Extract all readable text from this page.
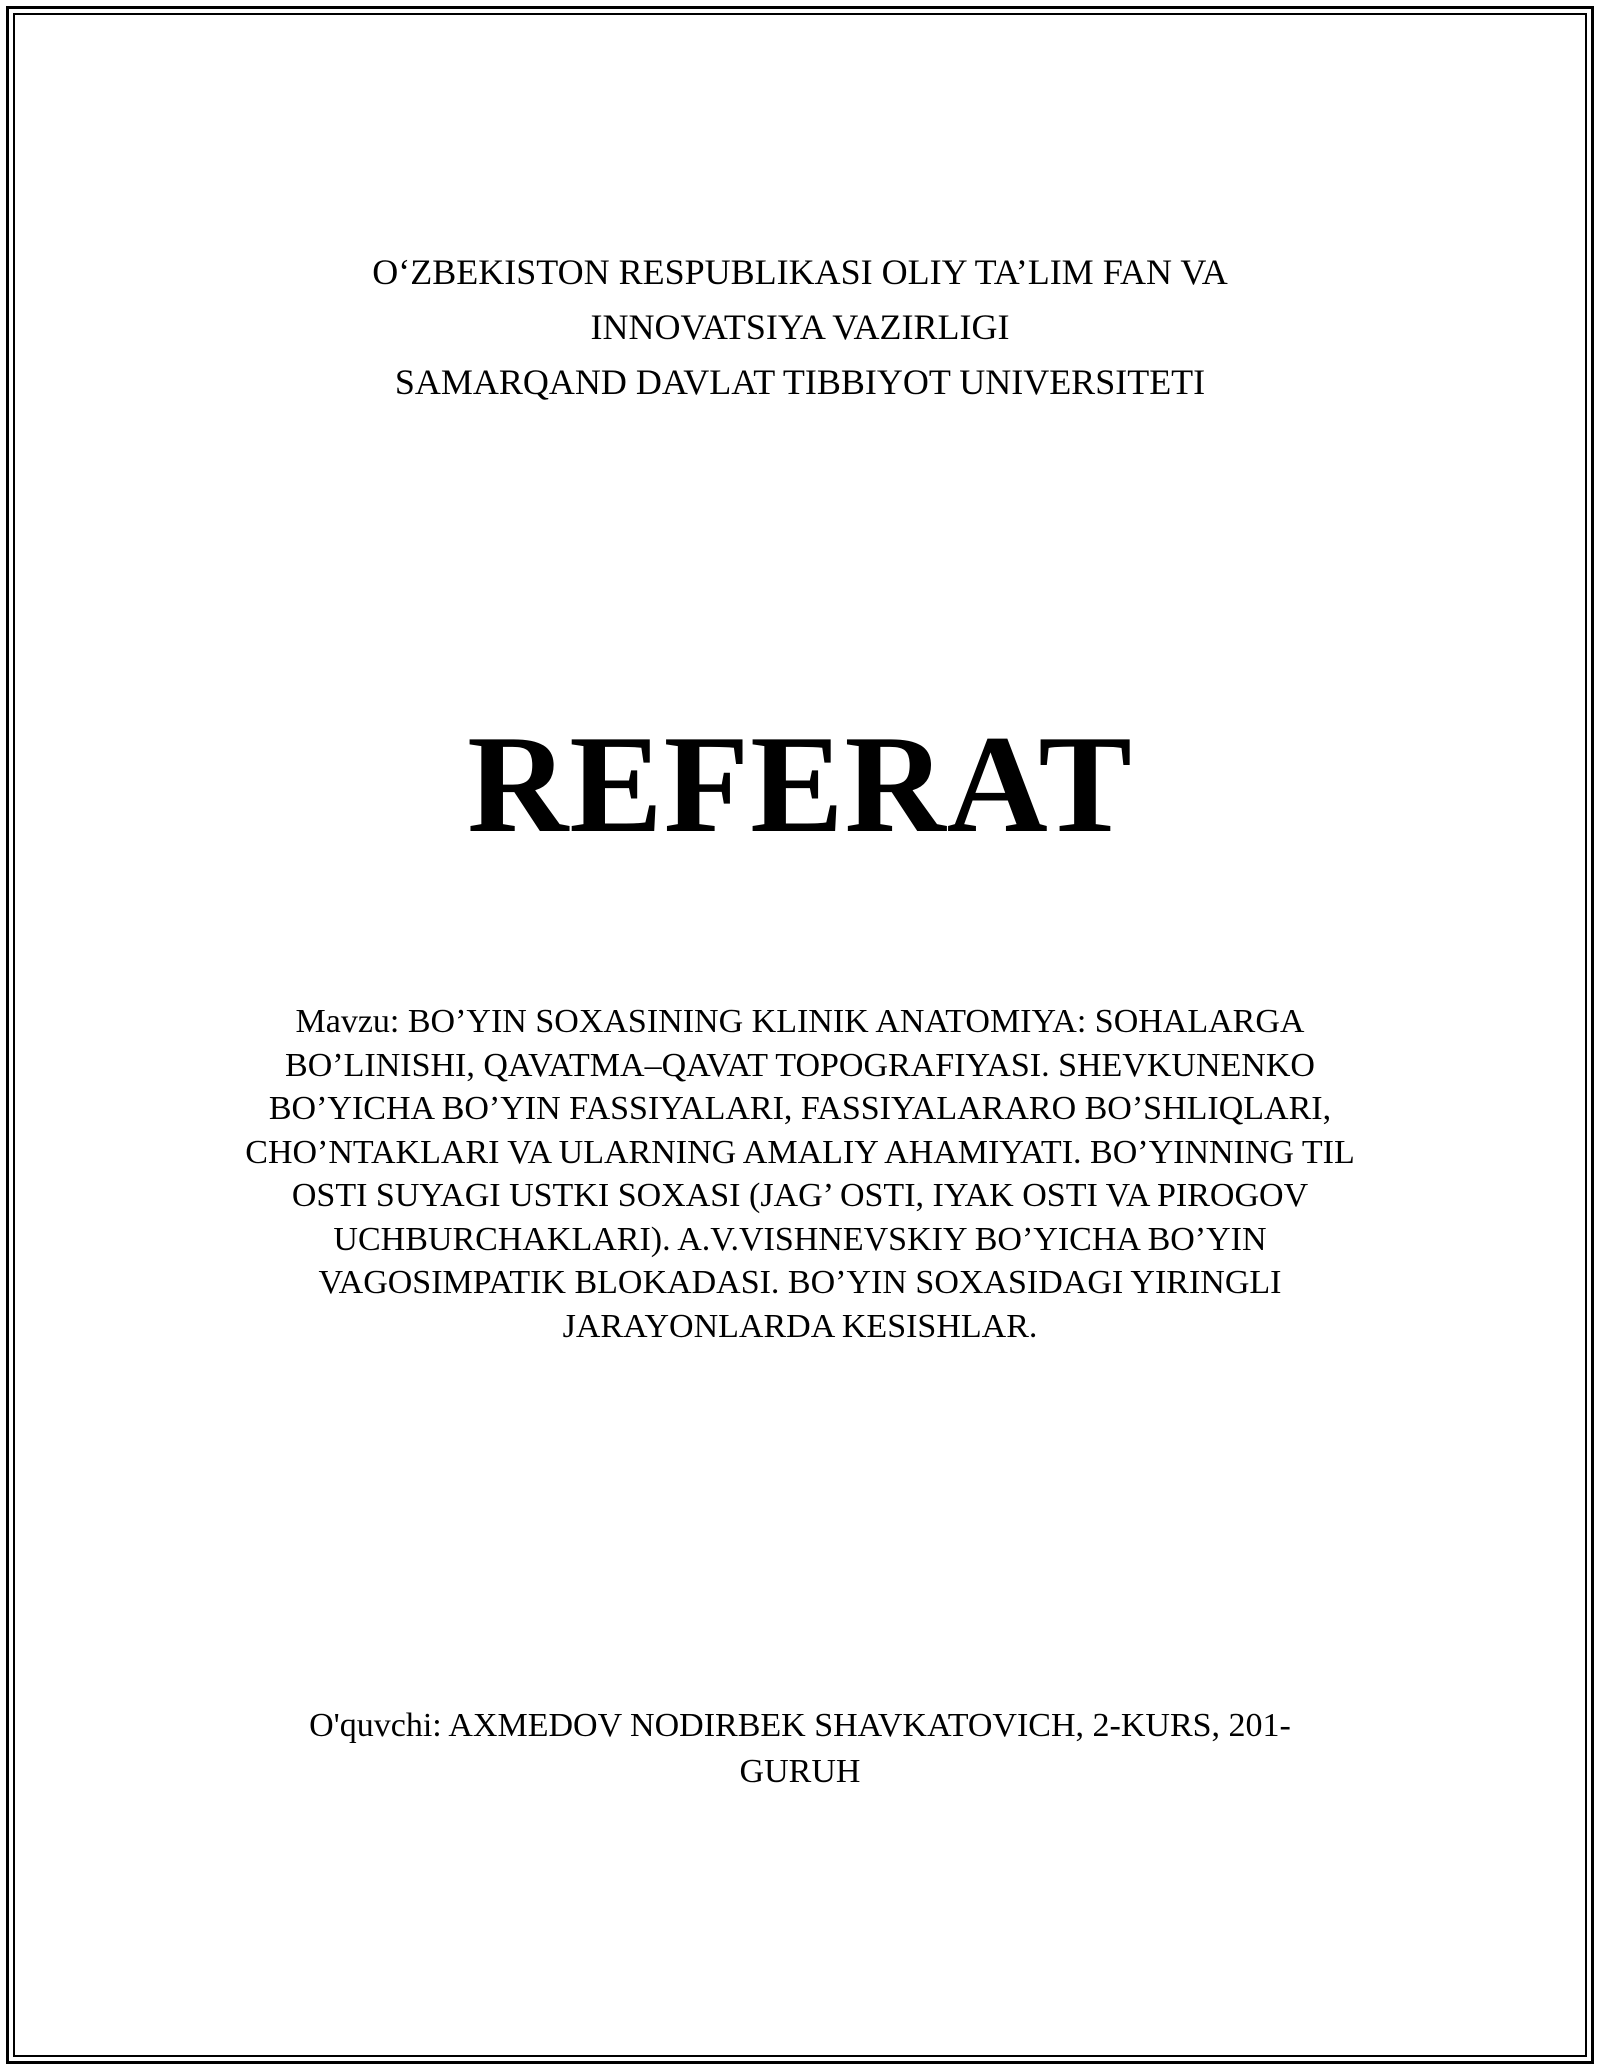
O‘ZBEKISTON RESPUBLIKASI OLIY TA’LIM FAN VA
INNOVATSIYA VAZIRLIGI
SAMARQAND DAVLAT TIBBIYOT UNIVERSITETI
REFERAT
Mavzu: BO’YIN SOXASINING KLINIK ANATOMIYA: SOHALARGA BO’LINISHI, QAVATMA–QAVAT TOPOGRAFIYASI. SHEVKUNENKO BO’YICHA BO’YIN FASSIYALARI, FASSIYALARARO BO’SHLIQLARI, CHO’NTAKLARI VA ULARNING AMALIY AHAMIYATI. BO’YINNING TIL OSTI SUYAGI USTKI SOXASI (JAG’ OSTI, IYAK OSTI VA PIROGOV UCHBURCHAKLARI). A.V.VISHNEVSKIY BO’YICHA BO’YIN VAGOSIMPATIK BLOKADASI. BO’YIN SOXASIDAGI YIRINGLI JARAYONLARDA KESISHLAR.
O'quvchi: AXMEDOV NODIRBEK SHAVKATOVICH, 2-KURS, 201-GURUH
